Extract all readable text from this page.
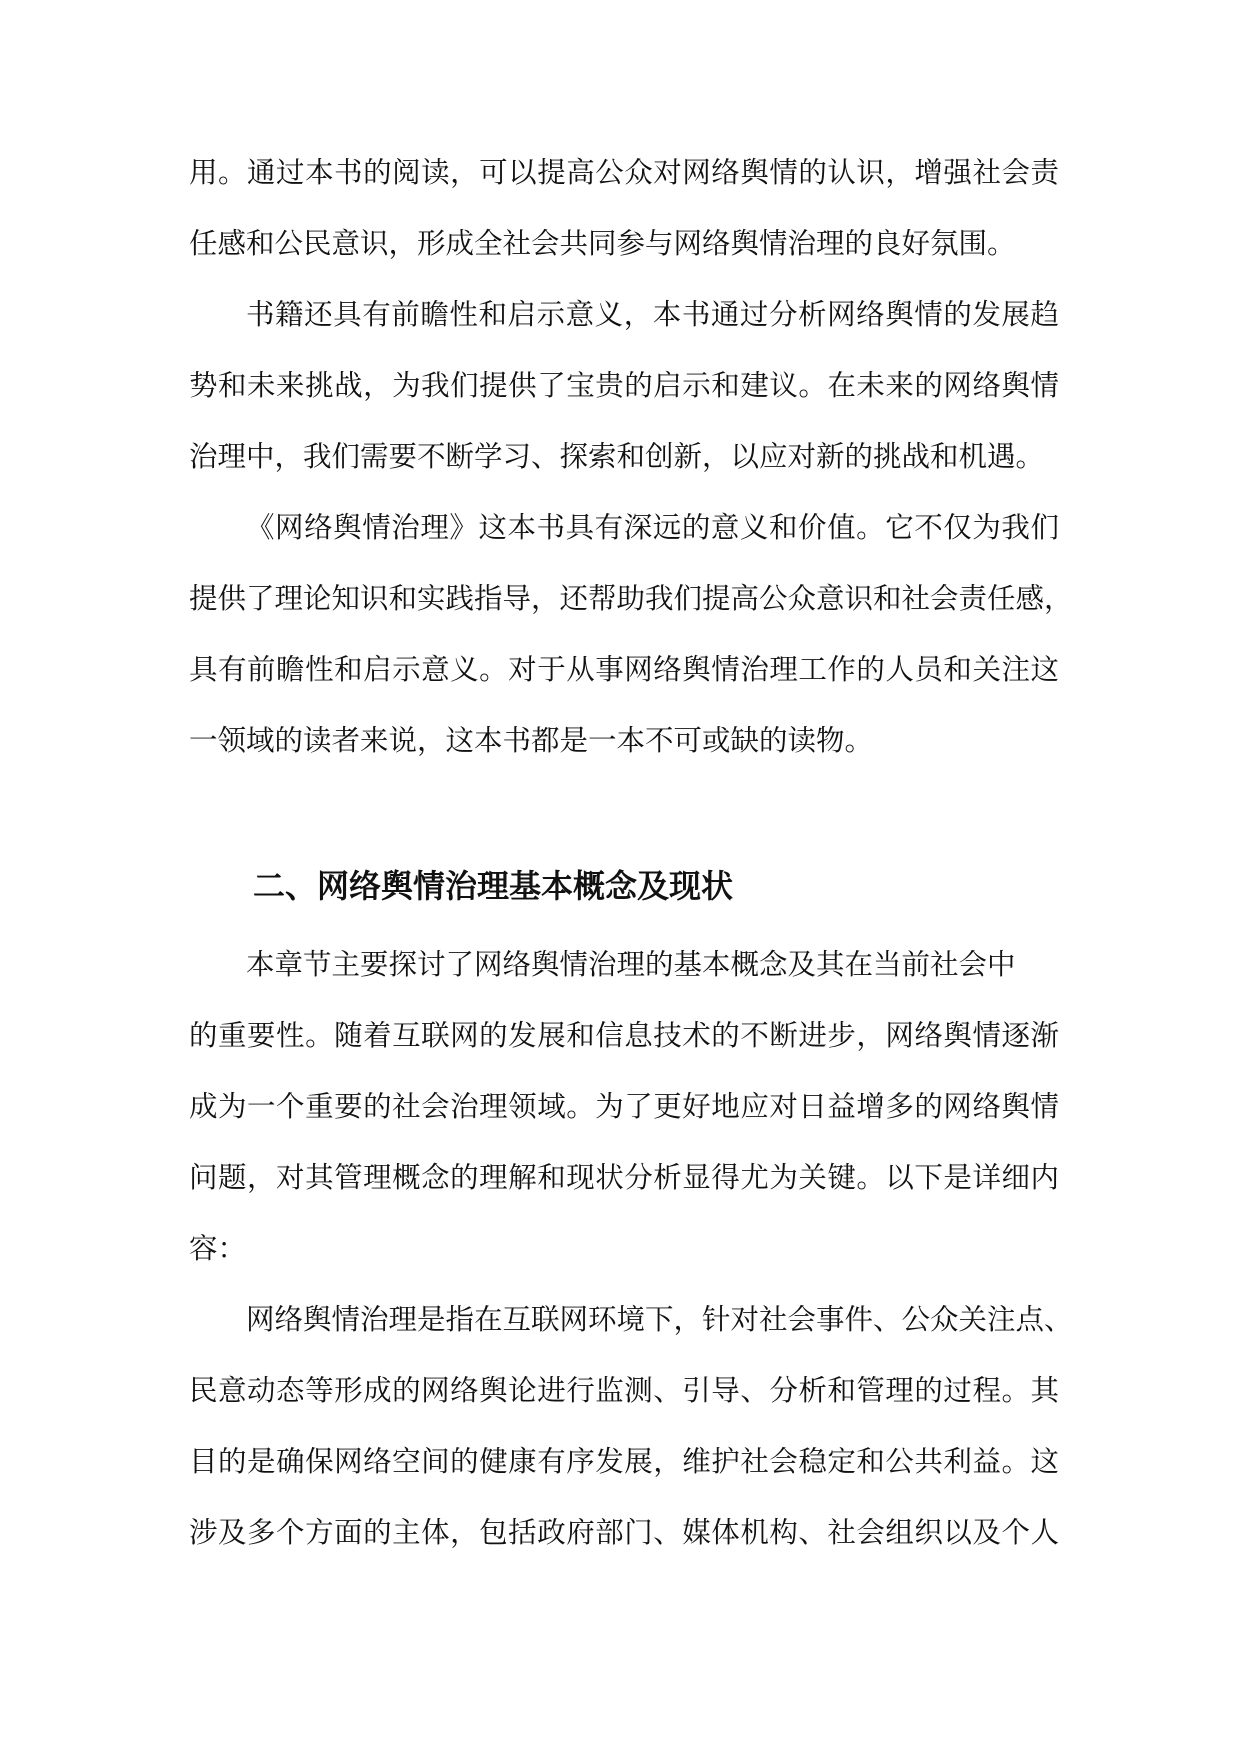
用。通过本书的阅读，可以提高公众对网络舆情的认识，增强社会责
任感和公民意识，形成全社会共同参与网络舆情治理的良好氛围。
书籍还具有前瞻性和启示意义，本书通过分析网络舆情的发展趋
势和未来挑战，为我们提供了宝贵的启示和建议。在未来的网络舆情
治理中，我们需要不断学习、探索和创新，以应对新的挑战和机遇。
《网络舆情治理》这本书具有深远的意义和价值。它不仅为我们
提供了理论知识和实践指导，还帮助我们提高公众意识和社会责任感，
具有前瞻性和启示意义。对于从事网络舆情治理工作的人员和关注这
一领域的读者来说，这本书都是一本不可或缺的读物。
二、网络舆情治理基本概念及现状
本章节主要探讨了网络舆情治理的基本概念及其在当前社会中
的重要性。随着互联网的发展和信息技术的不断进步，网络舆情逐渐
成为一个重要的社会治理领域。为了更好地应对日益增多的网络舆情
问题，对其管理概念的理解和现状分析显得尤为关键。以下是详细内
容：
网络舆情治理是指在互联网环境下，针对社会事件、公众关注点、
民意动态等形成的网络舆论进行监测、引导、分析和管理的过程。其
目的是确保网络空间的健康有序发展，维护社会稳定和公共利益。这
涉及多个方面的主体，包括政府部门、媒体机构、社会组织以及个人
